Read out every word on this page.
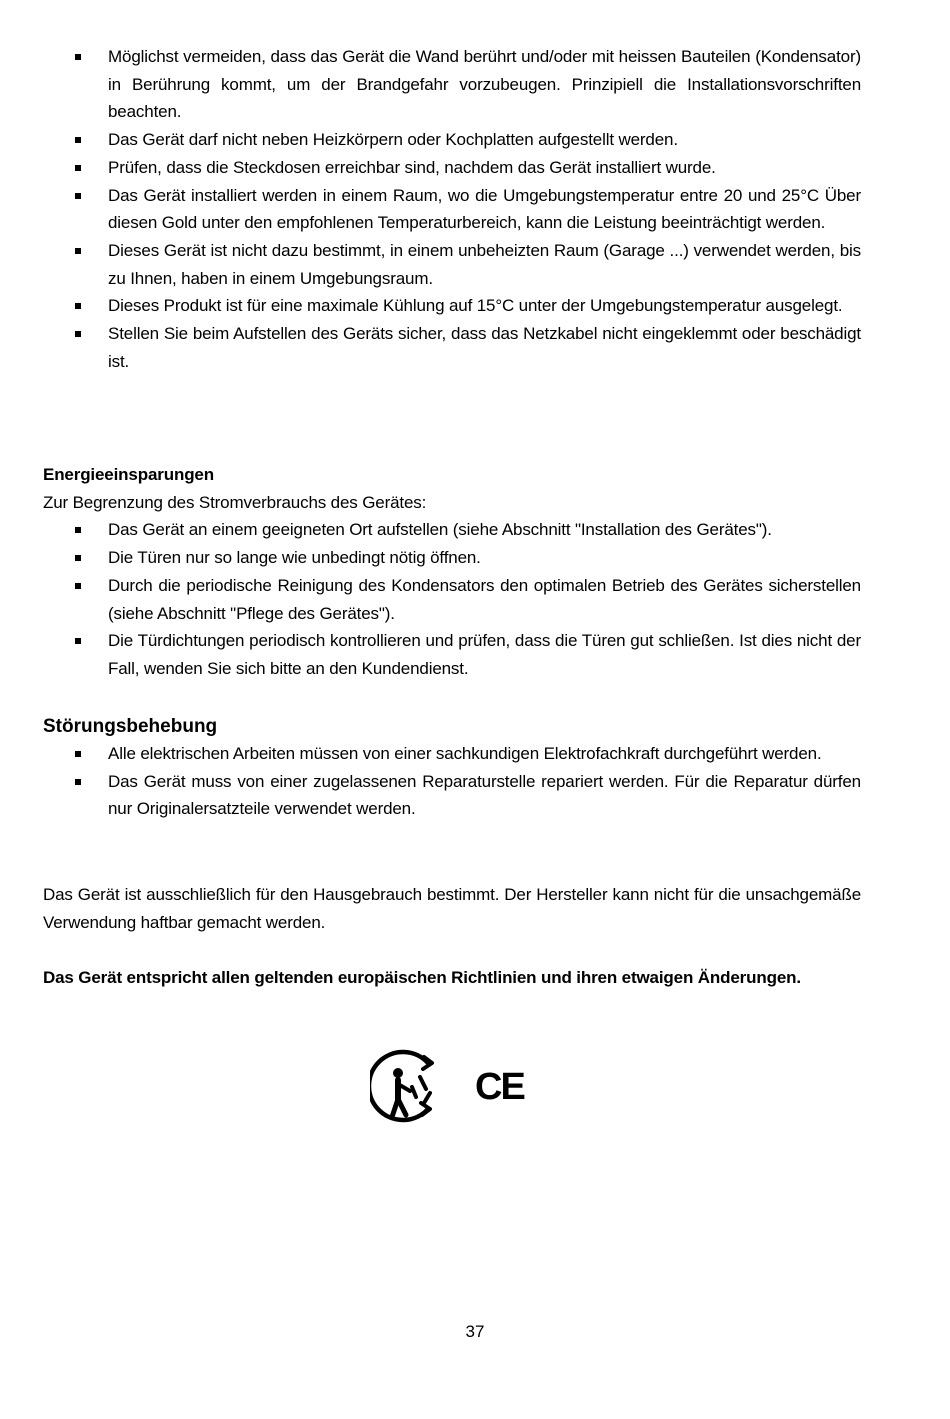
Möglichst vermeiden, dass das Gerät die Wand berührt und/oder mit heissen Bauteilen (Kondensator) in Berührung kommt, um der Brandgefahr vorzubeugen. Prinzipiell die Installationsvorschriften beachten.
Das Gerät darf nicht neben Heizkörpern oder Kochplatten aufgestellt werden.
Prüfen, dass die Steckdosen erreichbar sind, nachdem das Gerät installiert wurde.
Das Gerät installiert werden in einem Raum, wo die Umgebungstemperatur entre 20 und 25°C Über diesen Gold unter den empfohlenen Temperaturbereich, kann die Leistung beeinträchtigt werden.
Dieses Gerät ist nicht dazu bestimmt, in einem unbeheizten Raum (Garage ...) verwendet werden, bis zu Ihnen, haben in einem Umgebungsraum.
Dieses Produkt ist für eine maximale Kühlung auf 15°C unter der Umgebungstemperatur ausgelegt.
Stellen Sie beim Aufstellen des Geräts sicher, dass das Netzkabel nicht eingeklemmt oder beschädigt ist.
Energieeinsparungen
Zur Begrenzung des Stromverbrauchs des Gerätes:
Das Gerät an einem geeigneten Ort aufstellen (siehe Abschnitt "Installation des Gerätes").
Die Türen nur so lange wie unbedingt nötig öffnen.
Durch die periodische Reinigung des Kondensators den optimalen Betrieb des Gerätes sicherstellen (siehe Abschnitt "Pflege des Gerätes").
Die Türdichtungen periodisch kontrollieren und prüfen, dass die Türen gut schließen. Ist dies nicht der Fall, wenden Sie sich bitte an den Kundendienst.
Störungsbehebung
Alle elektrischen Arbeiten müssen von einer sachkundigen Elektrofachkraft durchgeführt werden.
Das Gerät muss von einer zugelassenen Reparaturstelle repariert werden. Für die Reparatur dürfen nur Originalersatzteile verwendet werden.
Das Gerät ist ausschließlich für den Hausgebrauch bestimmt. Der Hersteller kann nicht für die unsachgemäße Verwendung haftbar gemacht werden.
Das Gerät entspricht allen geltenden europäischen Richtlinien und ihren etwaigen Änderungen.
CE
37
